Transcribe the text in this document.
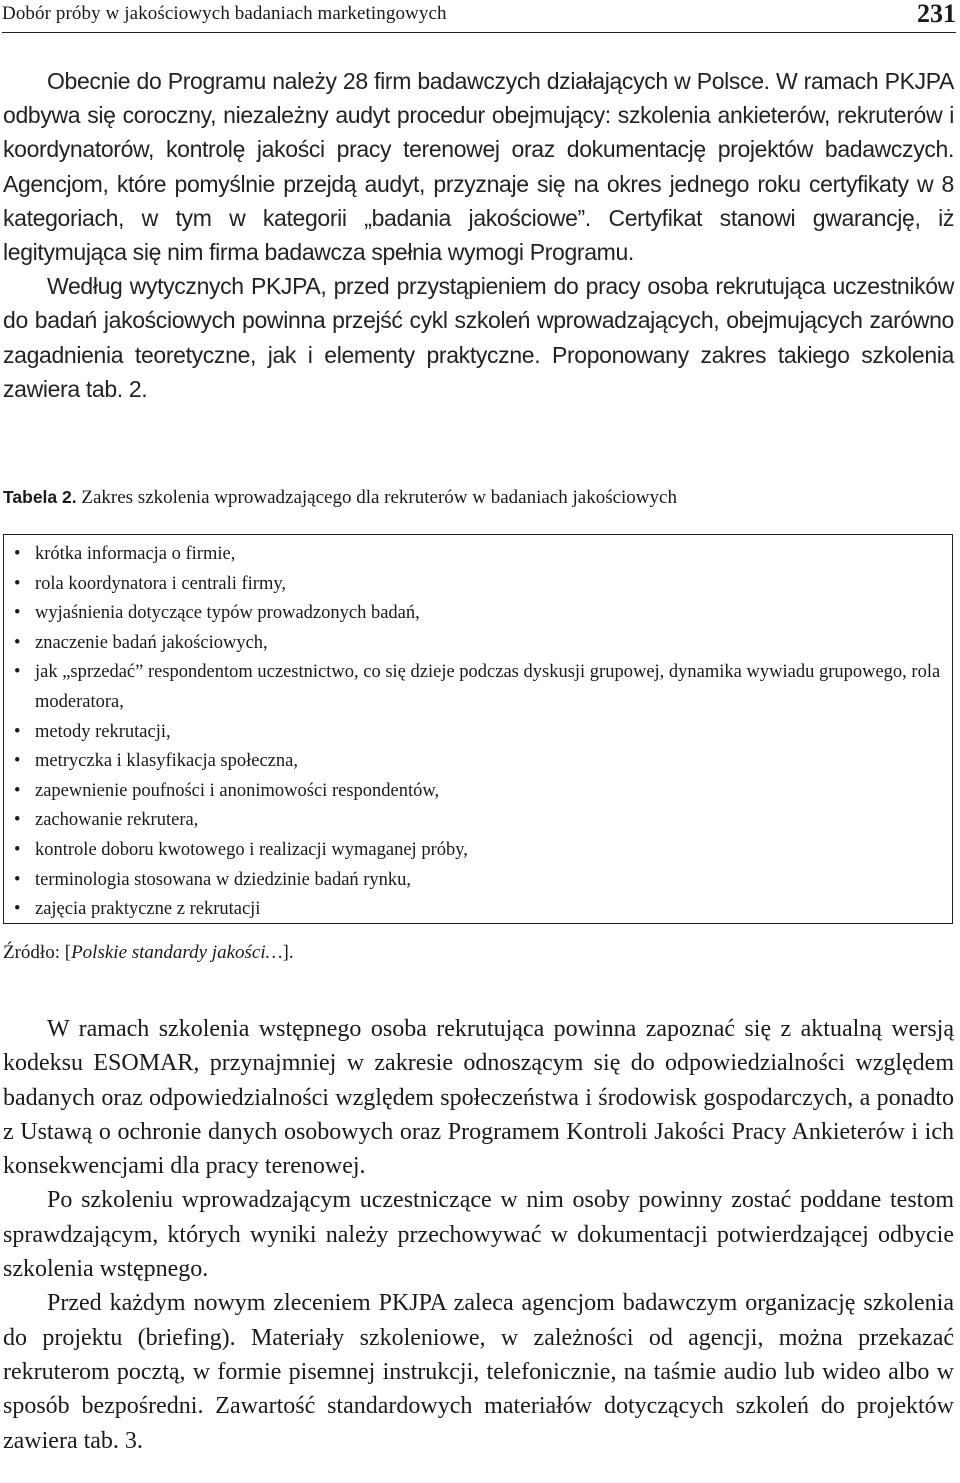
Dobór próby w jakościowych badaniach marketingowych	231

Obecnie do Programu należy 28 firm badawczych działających w Polsce. W ramach PKJPA odbywa się coroczny, niezależny audyt procedur obejmujący: szkolenia ankieterów, rekruterów i koordynatorów, kontrolę jakości pracy terenowej oraz dokumentację projektów badawczych. Agencjom, które pomyślnie przejdą audyt, przyznaje się na okres jednego roku certyfikaty w 8 kategoriach, w tym w kategorii „badania jakościowe”. Certyfikat stanowi gwarancję, iż legitymująca się nim firma badawcza spełnia wymogi Programu.

Według wytycznych PKJPA, przed przystąpieniem do pracy osoba rekrutująca uczestników do badań jakościowych powinna przejść cykl szkoleń wprowadzających, obejmujących zarówno zagadnienia teoretyczne, jak i elementy praktyczne. Proponowany zakres takiego szkolenia zawiera tab. 2.

Tabela 2. Zakres szkolenia wprowadzającego dla rekruterów w badaniach jakościowych
• krótka informacja o firmie,
• rola koordynatora i centrali firmy,
• wyjaśnienia dotyczące typów prowadzonych badań,
• znaczenie badań jakościowych,
• jak „sprzedać” respondentom uczestnictwo, co się dzieje podczas dyskusji grupowej, dynamika wywiadu grupowego, rola moderatora,
• metody rekrutacji,
• metryczka i klasyfikacja społeczna,
• zapewnienie poufności i anonimowości respondentów,
• zachowanie rekrutera,
• kontrole doboru kwotowego i realizacji wymaganej próby,
• terminologia stosowana w dziedzinie badań rynku,
• zajęcia praktyczne z rekrutacji
Źródło: [Polskie standardy jakości…].

W ramach szkolenia wstępnego osoba rekrutująca powinna zapoznać się z aktualną wersją kodeksu ESOMAR, przynajmniej w zakresie odnoszącym się do odpowiedzialności względem badanych oraz odpowiedzialności względem społeczeństwa i środowisk gospodarczych, a ponadto z Ustawą o ochronie danych osobowych oraz Programem Kontroli Jakości Pracy Ankieterów i ich konsekwencjami dla pracy terenowej.

Po szkoleniu wprowadzającym uczestniczące w nim osoby powinny zostać poddane testom sprawdzającym, których wyniki należy przechowywać w dokumentacji potwierdzającej odbycie szkolenia wstępnego.

Przed każdym nowym zleceniem PKJPA zaleca agencjom badawczym organizację szkolenia do projektu (briefing). Materiały szkoleniowe, w zależności od agencji, można przekazać rekruterom pocztą, w formie pisemnej instrukcji, telefonicznie, na taśmie audio lub wideo albo w sposób bezpośredni. Zawartość standardowych materiałów dotyczących szkoleń do projektów zawiera tab. 3.
